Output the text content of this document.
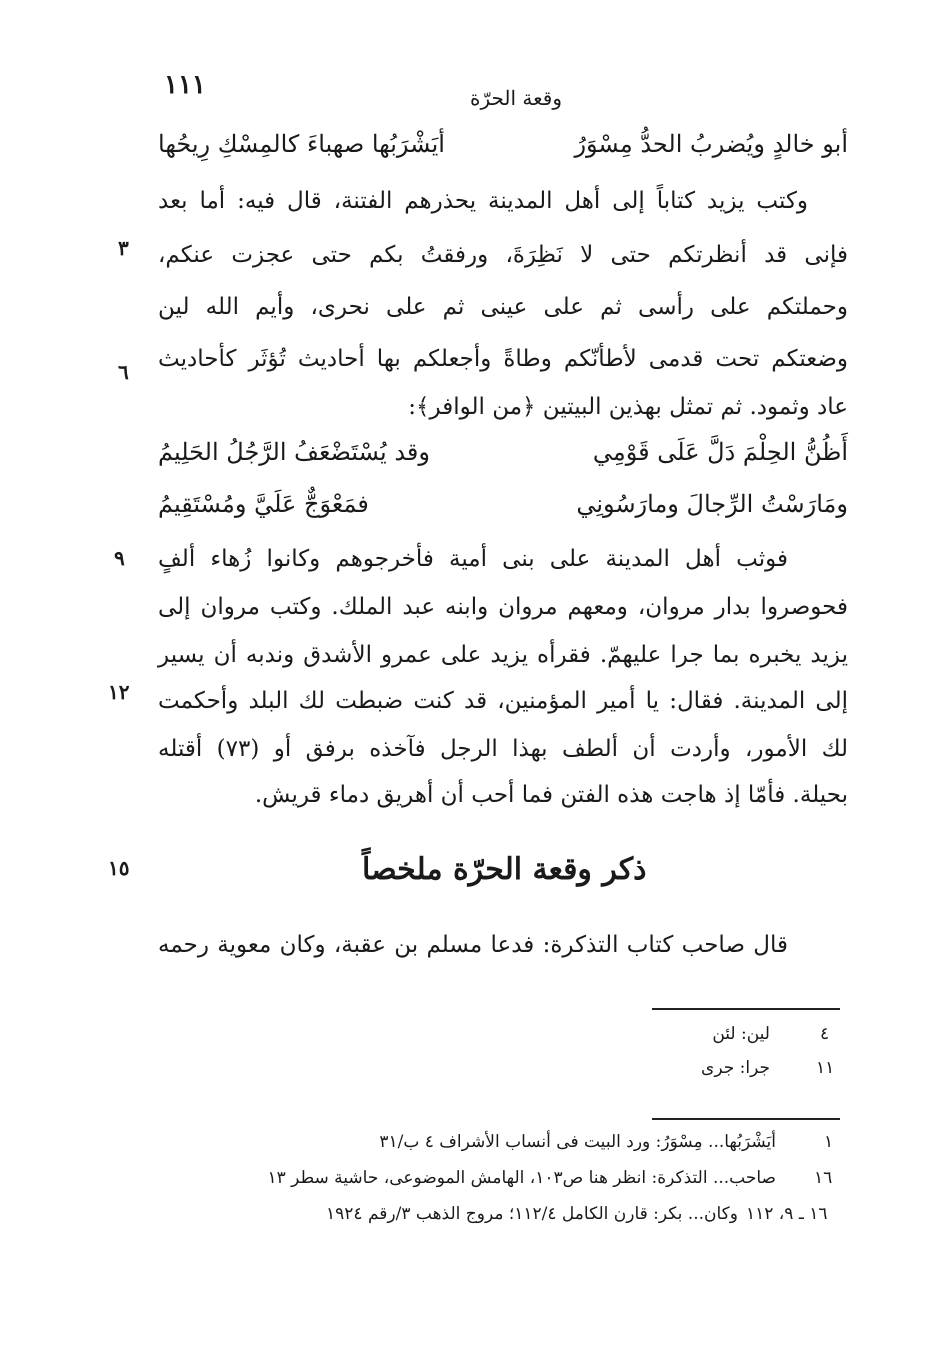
١١١	وقعة الحرّة
أبو خالدٍ ويُضربُ الحدُّ مِسْوَرُ
أيَشْرَبُها صهباءَ كالمِسْكِ رِيحُها
وكتب يزيد كتاباً إلى أهل المدينة يحذرهم الفتنة، قال فيه: أما بعد
فإنى قد أنظرتكم حتى لا نَظِرَةَ، ورفقتُ بكم حتى عجزت عنكم،
وحملتكم على رأسى ثم على عينى ثم على نحرى، وأيم الله لين
وضعتكم تحت قدمى لأطأنّكم وطاةً وأجعلكم بها أحاديث تُؤثَر كأحاديث
عاد وثمود. ثم تمثل بهذين البيتين ﴿من الوافر﴾:
أَظُنُّ الحِلْمَ دَلَّ عَلَى قَوْمِي
وقد يُسْتَضْعَفُ الرَّجُلُ الحَلِيمُ
ومَارَسْتُ الرِّجالَ ومارَسُونِي
فمَعْوَجٌّ عَلَيَّ ومُسْتَقِيمُ
فوثب أهل المدينة على بنى أمية فأخرجوهم وكانوا زُهاء ألفٍ
فحوصروا بدار مروان، ومعهم مروان وابنه عبد الملك. وكتب مروان إلى
يزيد يخبره بما جرا عليهمّ. فقرأه يزيد على عمرو الأشدق وندبه أن يسير
إلى المدينة. فقال: يا أمير المؤمنين، قد كنت ضبطت لك البلد وأحكمت
لك الأمور، وأردت أن ألطف بهذا الرجل فآخذه برفق أو (٧٣) أقتله
بحيلة. فأمّا إذ هاجت هذه الفتن فما أحب أن أهريق دماء قريش.
٣
٦
٩
١٢
١٥	ذكر وقعة الحرّة ملخصاً
قال صاحب كتاب التذكرة: فدعا مسلم بن عقبة، وكان معوية رحمه
٤
لين: لئن
١١
جرا: جرى
١
أيَشْرَبُها... مِسْوَرُ: ورد البيت فى أنساب الأشراف ٤ ب/٣١
١٦
صاحب... التذكرة: انظر هنا ص١٠٣، الهامش الموضوعى، حاشية سطر ١٣
١٦ ـ ٩، ١١٢
وكان... بكر: قارن الكامل ١١٢/٤؛ مروج الذهب ٣/رقم ١٩٢٤
